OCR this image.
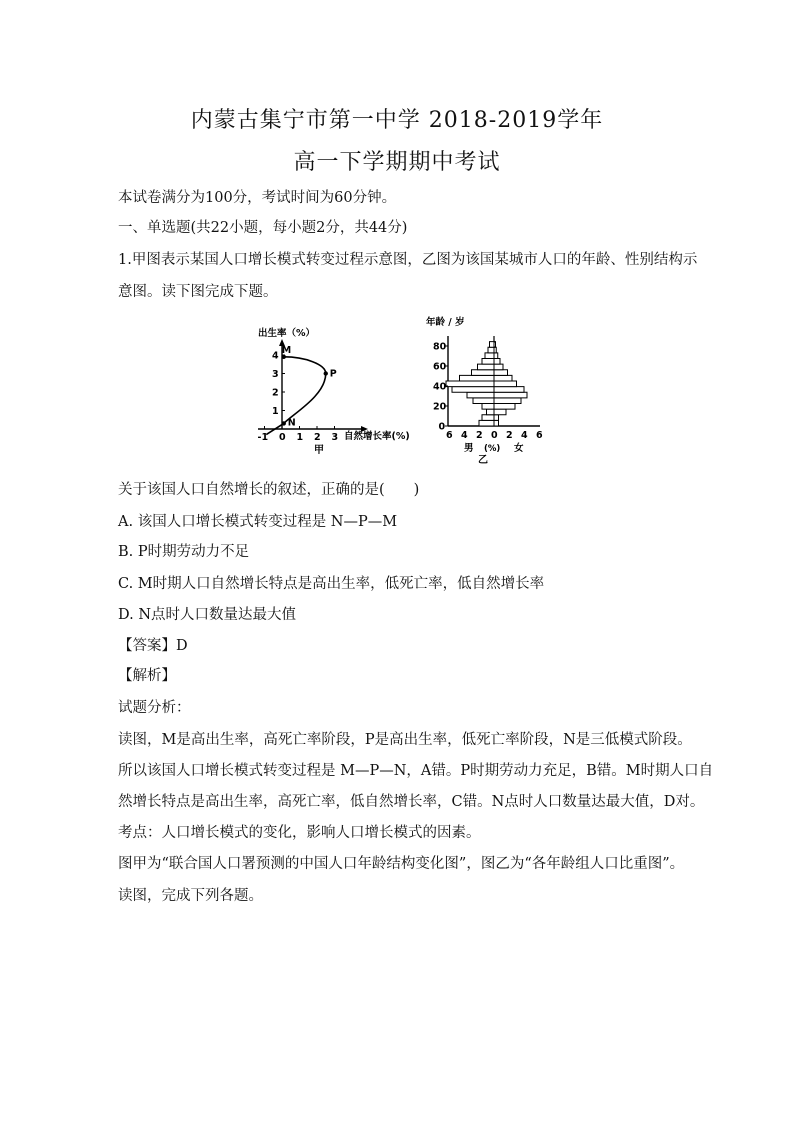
内蒙古集宁市第一中学 2018-2019学年
高一下学期期中考试
本试卷满分为100分，考试时间为60分钟。
一、单选题(共22小题，每小题2分，共44分)
1.甲图表示某国人口增长模式转变过程示意图，乙图为该国某城市人口的年龄、性别结构示
意图。读下图完成下题。
出生率（%）
1
2
3
4
-1 0 1 2 3
M
P
N
自然增长率(%)
甲
年龄 / 岁
0
20
40
60
80
6 4 2 0 2 4 6
男 (%) 女
乙
关于该国人口自然增长的叙述，正确的是(　　)
A. 该国人口增长模式转变过程是 N—P—M
B. P时期劳动力不足
C. M时期人口自然增长特点是高出生率，低死亡率，低自然增长率
D. N点时人口数量达最大值
【答案】D
【解析】
试题分析：
读图，M是高出生率，高死亡率阶段，P是高出生率，低死亡率阶段，N是三低模式阶段。
所以该国人口增长模式转变过程是 M—P—N，A错。P时期劳动力充足，B错。M时期人口自
然增长特点是高出生率，高死亡率，低自然增长率，C错。N点时人口数量达最大值，D对。
考点：人口增长模式的变化，影响人口增长模式的因素。
图甲为“联合国人口署预测的中国人口年龄结构变化图”，图乙为“各年龄组人口比重图”。
读图，完成下列各题。
